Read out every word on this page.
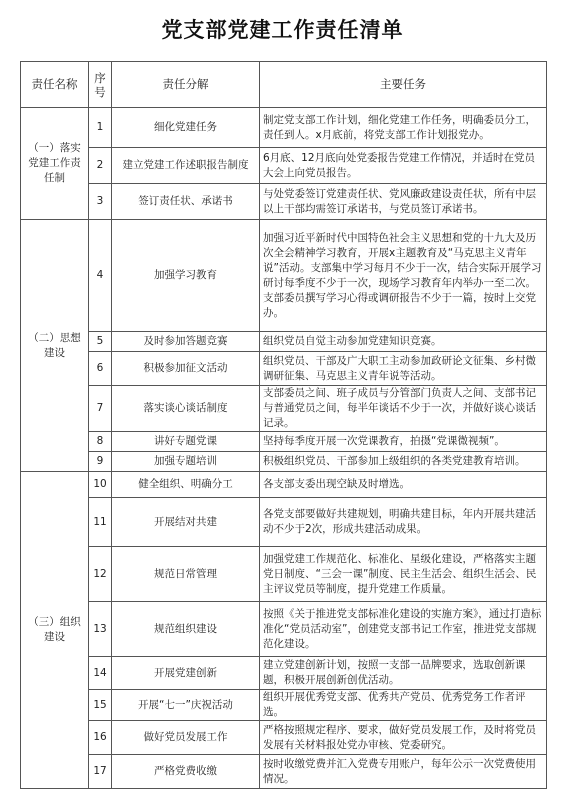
党支部党建工作责任清单
责任名称	序号	责任分解	主要任务
（一）落实党建工作责任制	1	细化党建任务	制定党支部工作计划，细化党建工作任务，明确委员分工，责任到人。x月底前，将党支部工作计划报党办。
	2	建立党建工作述职报告制度	6月底、12月底向处党委报告党建工作情况，并适时在党员大会上向党员报告。
	3	签订责任状、承诺书	与处党委签订党建责任状、党风廉政建设责任状，所有中层以上干部均需签订承诺书，与党员签订承诺书。
（二）思想建设	4	加强学习教育	加强习近平新时代中国特色社会主义思想和党的十九大及历次全会精神学习教育，开展x主题教育及“马克思主义青年说”活动。支部集中学习每月不少于一次，结合实际开展学习研讨每季度不少于一次，现场学习教育年内举办一至二次。支部委员撰写学习心得或调研报告不少于一篇，按时上交党办。
	5	及时参加答题竞赛	组织党员自觉主动参加党建知识竞赛。
	6	积极参加征文活动	组织党员、干部及广大职工主动参加政研论文征集、乡村微调研征集、马克思主义青年说等活动。
	7	落实谈心谈话制度	支部委员之间、班子成员与分管部门负责人之间、支部书记与普通党员之间，每半年谈话不少于一次，并做好谈心谈话记录。
	8	讲好专题党课	坚持每季度开展一次党课教育，拍摄“党课微视频”。
	9	加强专题培训	积极组织党员、干部参加上级组织的各类党建教育培训。
（三）组织建设	10	健全组织、明确分工	各支部支委出现空缺及时增选。
	11	开展结对共建	各党支部要做好共建规划，明确共建目标，年内开展共建活动不少于2次，形成共建活动成果。
	12	规范日常管理	加强党建工作规范化、标准化、星级化建设，严格落实主题党日制度、“三会一课”制度、民主生活会、组织生活会、民主评议党员等制度，提升党建工作质量。
	13	规范组织建设	按照《关于推进党支部标准化建设的实施方案》，通过打造标准化“党员活动室”，创建党支部书记工作室，推进党支部规范化建设。
	14	开展党建创新	建立党建创新计划，按照一支部一品牌要求，选取创新课题，积极开展创新创优活动。
	15	开展“七一”庆祝活动	组织开展优秀党支部、优秀共产党员、优秀党务工作者评选。
	16	做好党员发展工作	严格按照规定程序、要求，做好党员发展工作，及时将党员发展有关材料报处党办审核、党委研究。
	17	严格党费收缴	按时收缴党费并汇入党费专用账户，每年公示一次党费使用情况。
